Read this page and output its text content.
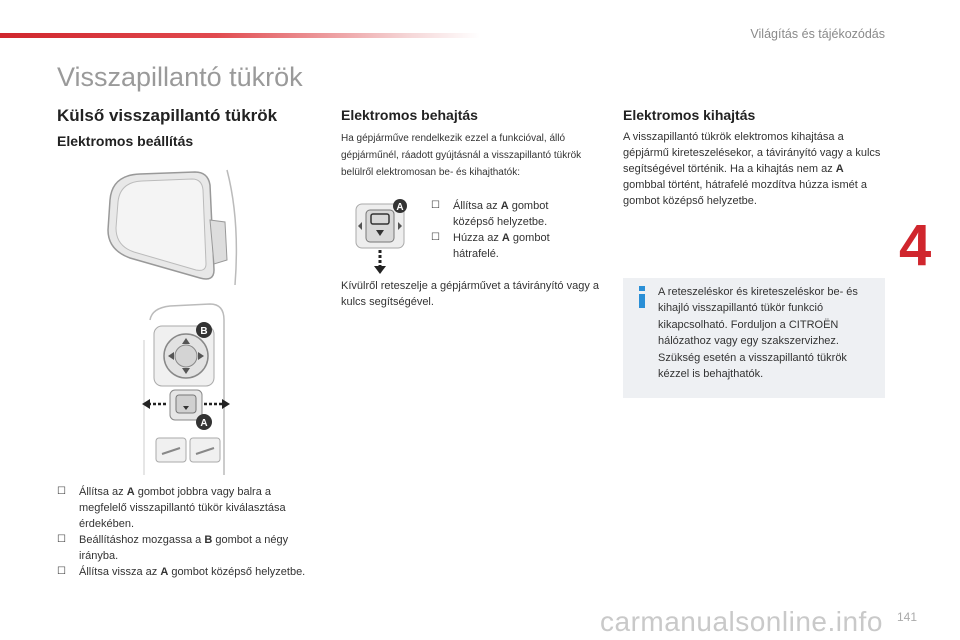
Világítás és tájékozódás
Visszapillantó tükrök
Külső visszapillantó tükrök
Elektromos beállítás
B
A
☐ Állítsa az A gombot jobbra vagy balra a megfelelő visszapillantó tükör kiválasztása érdekében.
☐ Beállításhoz mozgassa a B gombot a négy irányba.
☐ Állítsa vissza az A gombot középső helyzetbe.
Elektromos behajtás
Ha gépjárműve rendelkezik ezzel a funkcióval, álló gépjárműnél, ráadott gyújtásnál a visszapillantó tükrök belülről elektromosan be- és kihajthatók:
A	☐ Állítsa az A gombot középső helyzetbe.
☐ Húzza az A gombot hátrafelé.
Kívülről reteszelje a gépjárművet a távirányító vagy a kulcs segítségével.
Elektromos kihajtás
A visszapillantó tükrök elektromos kihajtása a gépjármű kireteszelésekor, a távirányító vagy a kulcs segítségével történik. Ha a kihajtás nem az A gombbal történt, hátrafelé mozdítva húzza ismét a gombot középső helyzetbe.
A reteszeléskor és kireteszeléskor be- és kihajló visszapillantó tükör funkció kikapcsolható. Forduljon a CITROËN hálózathoz vagy egy szakszervizhez. Szükség esetén a visszapillantó tükrök kézzel is behajthatók.
4
carmanualsonline.info 141
